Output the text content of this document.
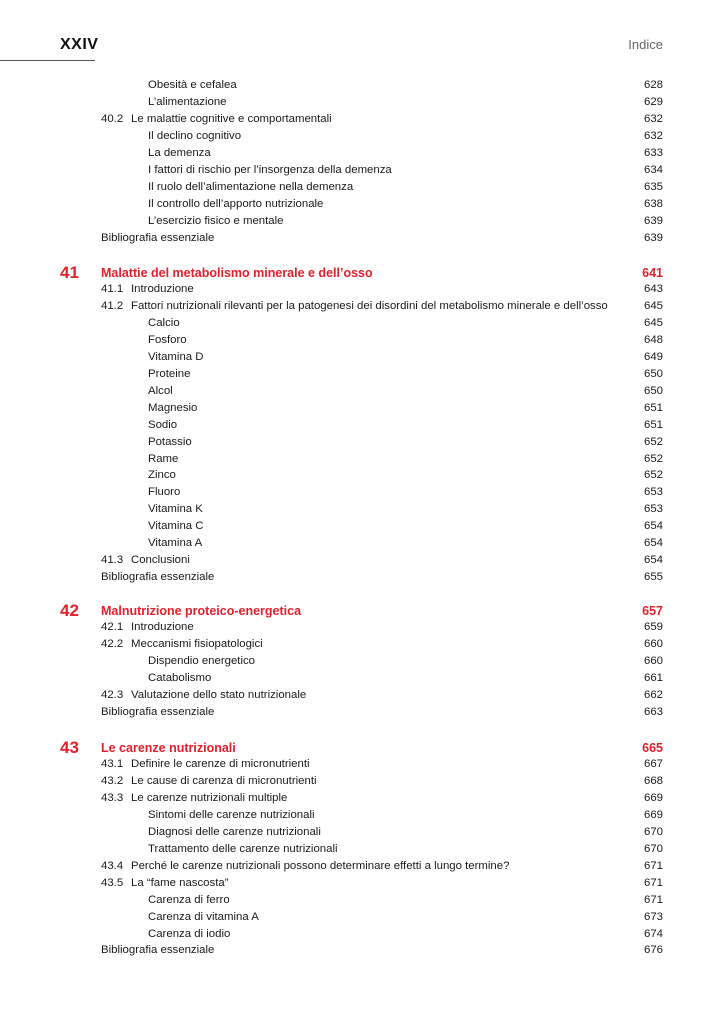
XXIV	Indice
Obesità e cefalea	628
L’alimentazione	629
40.2 Le malattie cognitive e comportamentali	632
Il declino cognitivo	632
La demenza	633
I fattori di rischio per l’insorgenza della demenza	634
Il ruolo dell’alimentazione nella demenza	635
Il controllo dell’apporto nutrizionale	638
L’esercizio fisico e mentale	639
Bibliografia essenziale	639
41 Malattie del metabolismo minerale e dell’osso	641
41.1 Introduzione	643
41.2 Fattori nutrizionali rilevanti per la patogenesi dei disordini del metabolismo minerale e dell’osso	645
Calcio	645
Fosforo	648
Vitamina D	649
Proteine	650
Alcol	650
Magnesio	651
Sodio	651
Potassio	652
Rame	652
Zinco	652
Fluoro	653
Vitamina K	653
Vitamina C	654
Vitamina A	654
41.3 Conclusioni	654
Bibliografia essenziale	655
42 Malnutrizione proteico-energetica	657
42.1 Introduzione	659
42.2 Meccanismi fisiopatologici	660
Dispendio energetico	660
Catabolismo	661
42.3 Valutazione dello stato nutrizionale	662
Bibliografia essenziale	663
43 Le carenze nutrizionali	665
43.1 Definire le carenze di micronutrienti	667
43.2 Le cause di carenza di micronutrienti	668
43.3 Le carenze nutrizionali multiple	669
Sintomi delle carenze nutrizionali	669
Diagnosi delle carenze nutrizionali	670
Trattamento delle carenze nutrizionali	670
43.4 Perché le carenze nutrizionali possono determinare effetti a lungo termine?	671
43.5 La “fame nascosta”	671
Carenza di ferro	671
Carenza di vitamina A	673
Carenza di iodio	674
Bibliografia essenziale	676
